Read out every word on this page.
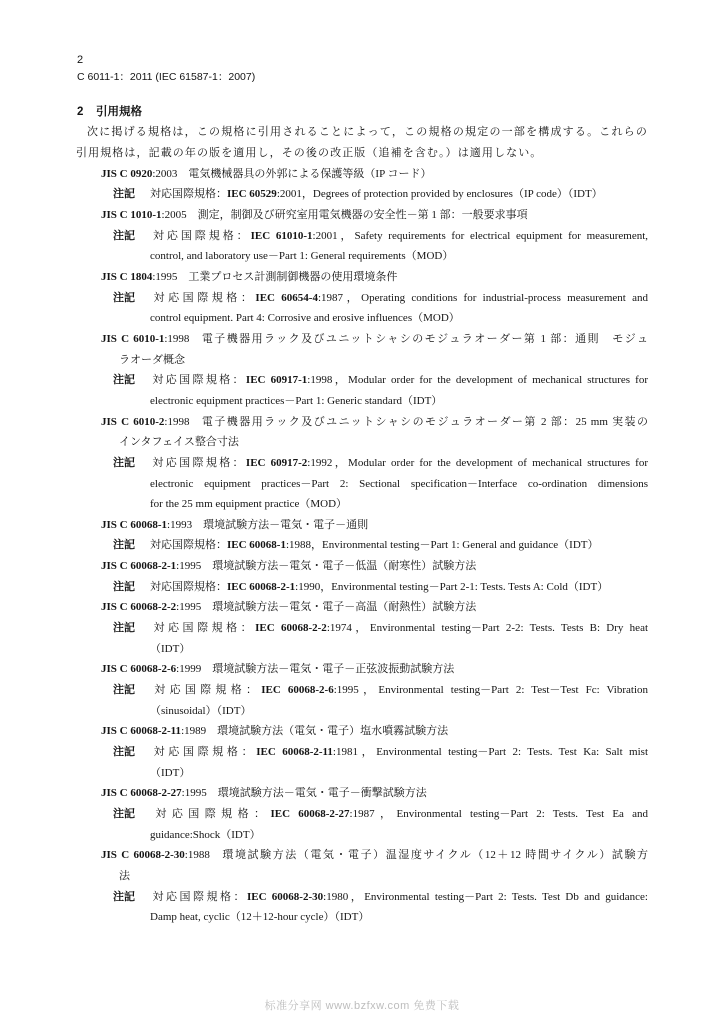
2
C 6011-1：2011 (IEC 61587-1：2007)
2 引用規格
次に掲げる規格は，この規格に引用されることによって，この規格の規定の一部を構成する。これらの
引用規格は，記載の年の版を適用し，その後の改正版（追補を含む。）は適用しない。
JIS C 0920:2003 電気機械器具の外郭による保護等級（IP コード）
注記 対応国際規格：IEC 60529:2001，Degrees of protection provided by enclosures（IP code）（IDT）
JIS C 1010-1:2005 測定，制御及び研究室用電気機器の安全性－第 1 部：一般要求事項
注記 対応国際規格：IEC 61010-1:2001，Safety requirements for electrical equipment for measurement,
control, and laboratory use－Part 1: General requirements（MOD）
JIS C 1804:1995 工業プロセス計測制御機器の使用環境条件
注記 対応国際規格：IEC 60654-4:1987，Operating conditions for industrial-process measurement and
control equipment. Part 4: Corrosive and erosive influences（MOD）
JIS C 6010-1:1998 電子機器用ラック及びユニットシャシのモジュラオーダー第 1 部：通則　モジュ
ラオーダ概念
注記 対応国際規格：IEC 60917-1:1998，Modular order for the development of mechanical structures for
electronic equipment practices－Part 1: Generic standard（IDT）
JIS C 6010-2:1998 電子機器用ラック及びユニットシャシのモジュラオーダー第 2 部：25 mm 実装の
インタフェイス整合寸法
注記 対応国際規格：IEC 60917-2:1992，Modular order for the development of mechanical structures for
electronic equipment practices－Part 2: Sectional specification－Interface co-ordination dimensions
for the 25 mm equipment practice（MOD）
JIS C 60068-1:1993 環境試験方法－電気・電子－通則
注記 対応国際規格：IEC 60068-1:1988，Environmental testing－Part 1: General and guidance（IDT）
JIS C 60068-2-1:1995 環境試験方法－電気・電子－低温（耐寒性）試験方法
注記 対応国際規格：IEC 60068-2-1:1990，Environmental testing－Part 2-1: Tests. Tests A: Cold（IDT）
JIS C 60068-2-2:1995 環境試験方法－電気・電子－高温（耐熱性）試験方法
注記 対応国際規格：IEC 60068-2-2:1974，Environmental testing－Part 2-2: Tests. Tests B: Dry heat
（IDT）
JIS C 60068-2-6:1999 環境試験方法－電気・電子－正弦波振動試験方法
注記 対応国際規格：IEC 60068-2-6:1995，Environmental testing－Part 2: Test－Test Fc: Vibration
（sinusoidal）（IDT）
JIS C 60068-2-11:1989 環境試験方法（電気・電子）塩水噴霧試験方法
注記 対応国際規格：IEC 60068-2-11:1981，Environmental testing－Part 2: Tests. Test Ka: Salt mist
（IDT）
JIS C 60068-2-27:1995 環境試験方法－電気・電子－衝撃試験方法
注記 対応国際規格：IEC 60068-2-27:1987，Environmental testing－Part 2: Tests. Test Ea and
guidance:Shock（IDT）
JIS C 60068-2-30:1988 環境試験方法（電気・電子）温湿度サイクル（12＋12 時間サイクル）試験方
法
注記 対応国際規格：IEC 60068-2-30:1980，Environmental testing－Part 2: Tests. Test Db and guidance:
Damp heat, cyclic（12＋12-hour cycle）（IDT）
标准分享网 www.bzfxw.com 免费下载
